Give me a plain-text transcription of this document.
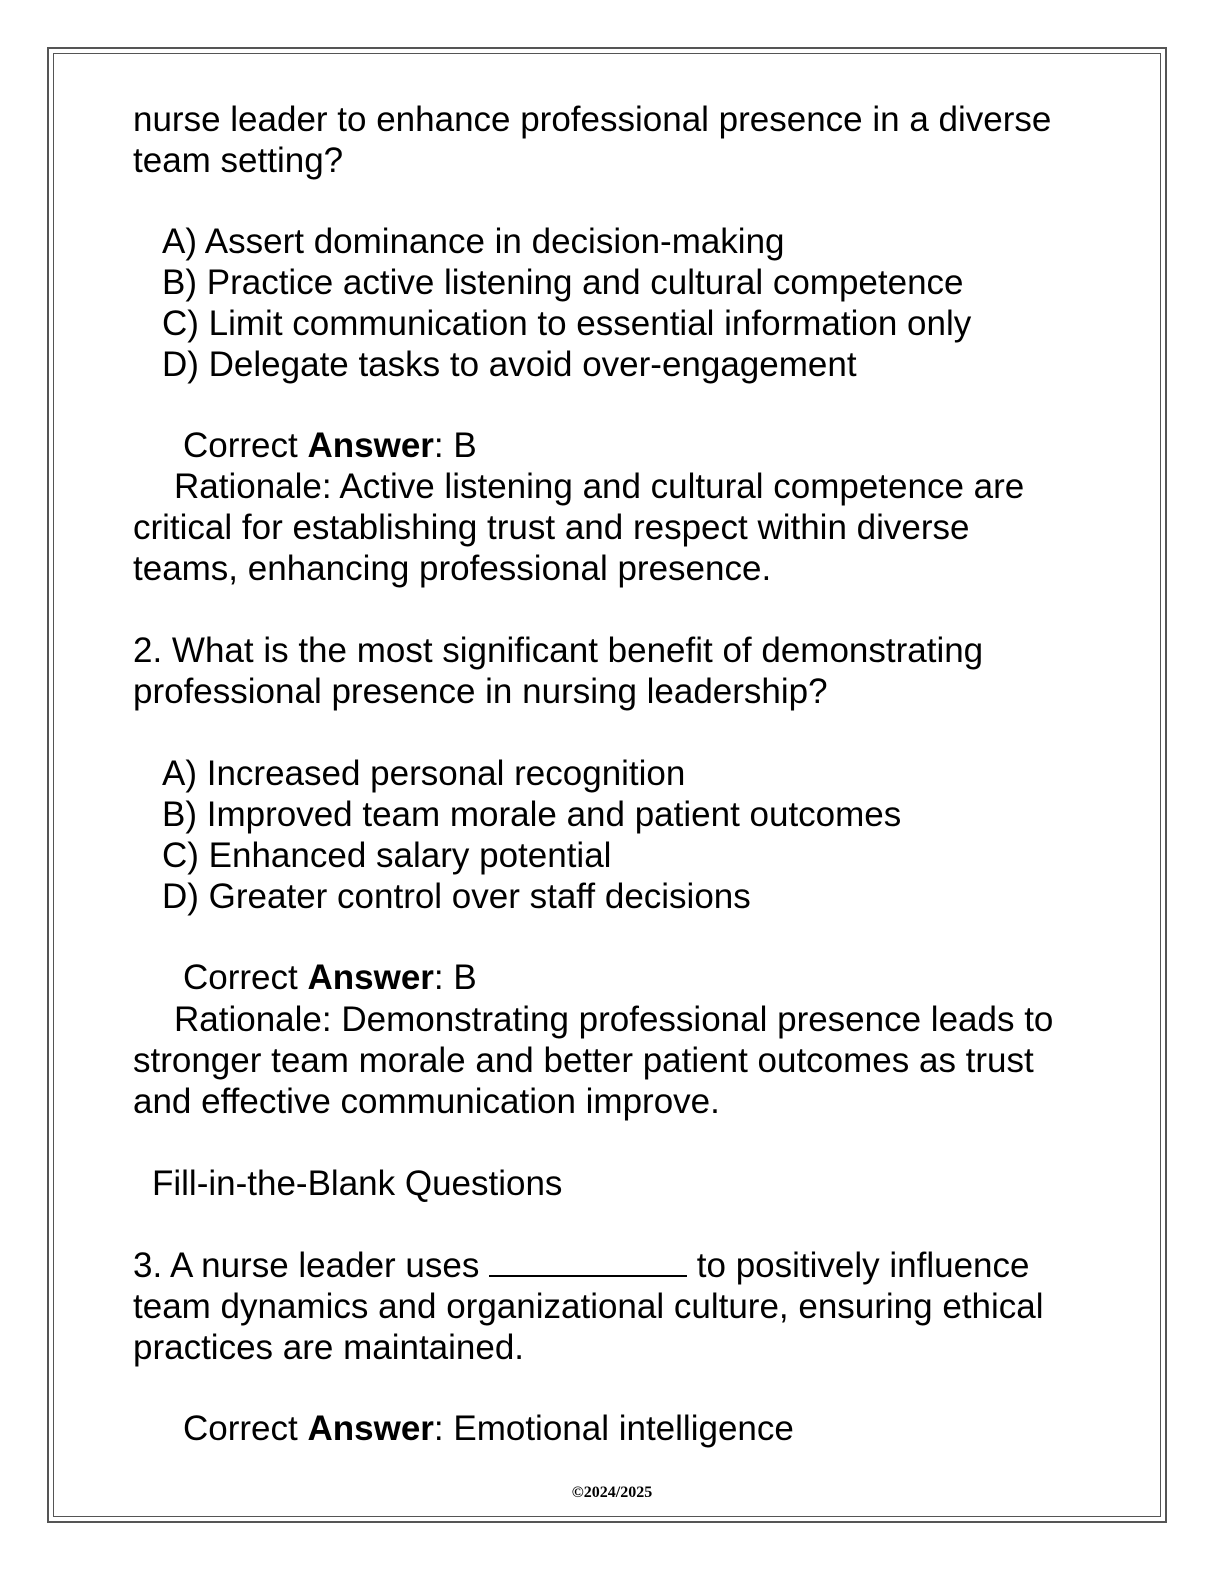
nurse leader to enhance professional presence in a diverse
team setting?
A) Assert dominance in decision-making
B) Practice active listening and cultural competence
C) Limit communication to essential information only
D) Delegate tasks to avoid over-engagement
Correct Answer: B
Rationale: Active listening and cultural competence are
critical for establishing trust and respect within diverse
teams, enhancing professional presence.
2. What is the most significant benefit of demonstrating
professional presence in nursing leadership?
A) Increased personal recognition
B) Improved team morale and patient outcomes
C) Enhanced salary potential
D) Greater control over staff decisions
Correct Answer: B
Rationale: Demonstrating professional presence leads to
stronger team morale and better patient outcomes as trust
and effective communication improve.
Fill-in-the-Blank Questions
3. A nurse leader uses	to positively influence
team dynamics and organizational culture, ensuring ethical
practices are maintained.
Correct Answer: Emotional intelligence
©2024/2025
